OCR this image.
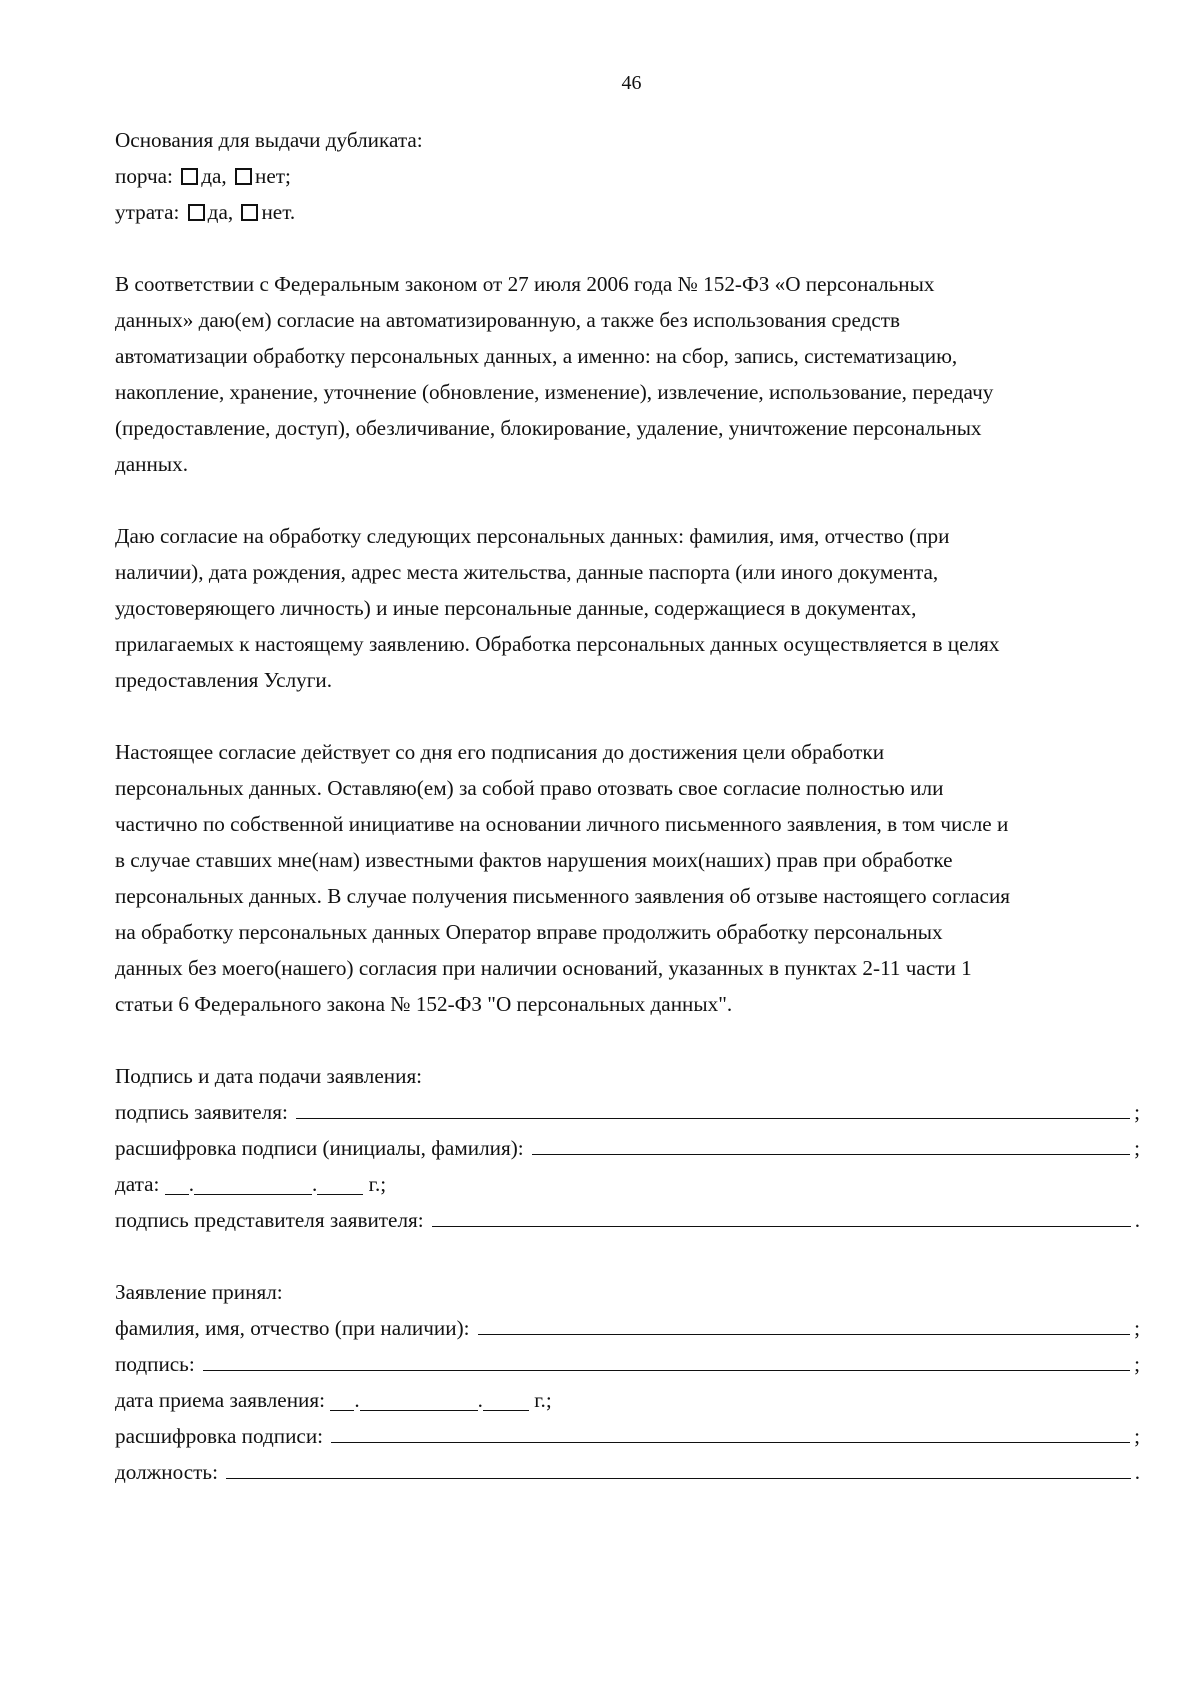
46
Основания для выдачи дубликата:
порча: да, нет;
утрата: да, нет.
В соответствии с Федеральным законом от 27 июля 2006 года № 152-ФЗ «О персональных
данных» даю(ем) согласие на автоматизированную, а также без использования средств
автоматизации обработку персональных данных, а именно: на сбор, запись, систематизацию,
накопление, хранение, уточнение (обновление, изменение), извлечение, использование, передачу
(предоставление, доступ), обезличивание, блокирование, удаление, уничтожение персональных
данных.
Даю согласие на обработку следующих персональных данных: фамилия, имя, отчество (при
наличии), дата рождения, адрес места жительства, данные паспорта (или иного документа,
удостоверяющего личность) и иные персональные данные, содержащиеся в документах,
прилагаемых к настоящему заявлению. Обработка персональных данных осуществляется в целях
предоставления Услуги.
Настоящее согласие действует со дня его подписания до достижения цели обработки
персональных данных. Оставляю(ем) за собой право отозвать свое согласие полностью или
частично по собственной инициативе на основании личного письменного заявления, в том числе и
в случае ставших мне(нам) известными фактов нарушения моих(наших) прав при обработке
персональных данных. В случае получения письменного заявления об отзыве настоящего согласия
на обработку персональных данных Оператор вправе продолжить обработку персональных
данных без моего(нашего) согласия при наличии оснований, указанных в пунктах 2-11 части 1
статьи 6 Федерального закона № 152-ФЗ "О персональных данных".
Подпись и дата подачи заявления:
подпись заявителя:	;
расшифровка подписи (инициалы, фамилия):	;
дата: .	. г.;
подпись представителя заявителя:	.
Заявление принял:
фамилия, имя, отчество (при наличии):	;
подпись:	;
дата приема заявления: .	. г.;
расшифровка подписи:	;
должность:	.
